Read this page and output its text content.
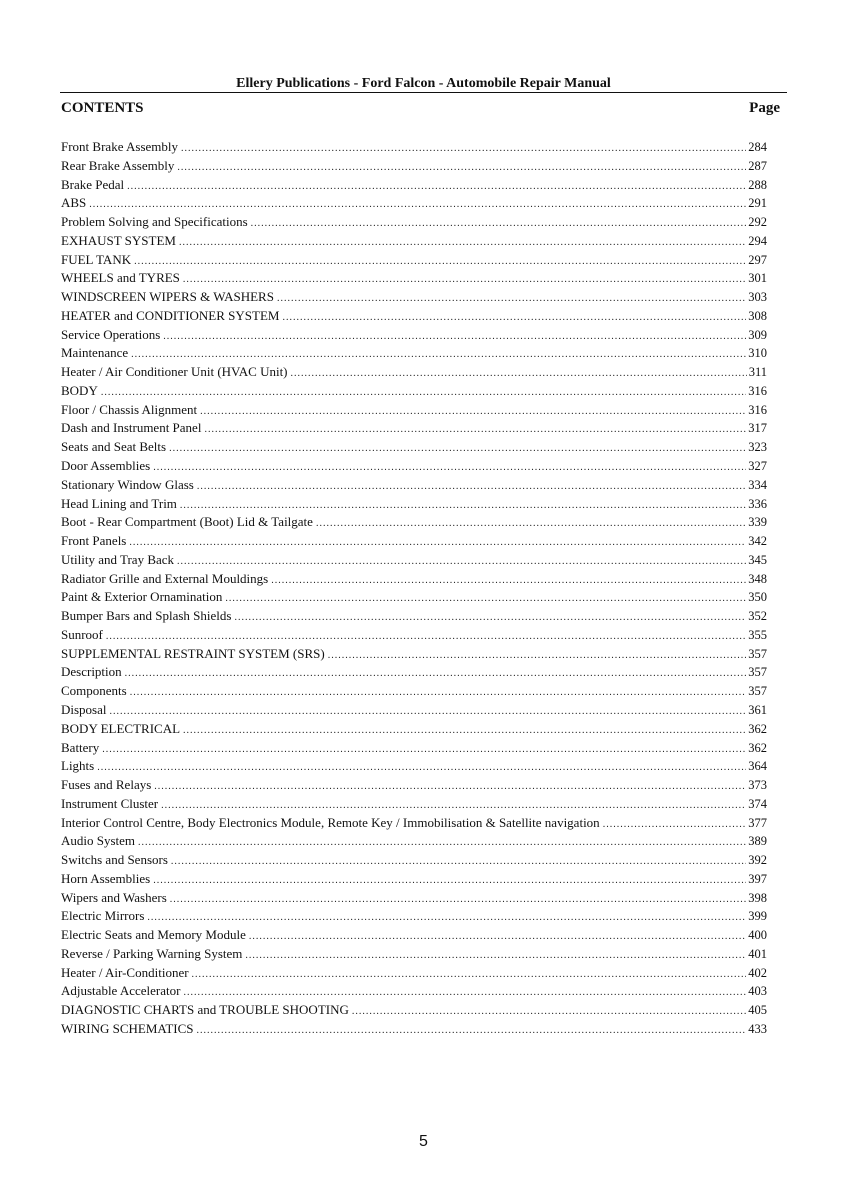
Ellery Publications - Ford Falcon - Automobile Repair Manual
CONTENTS	Page
Front Brake Assembly .....	284
Rear Brake Assembly .....	287
Brake Pedal .....	288
ABS .....	291
Problem Solving and Specifications .....	292
EXHAUST SYSTEM .....	294
FUEL TANK .....	297
WHEELS and TYRES .....	301
WINDSCREEN WIPERS & WASHERS .....	303
HEATER and CONDITIONER SYSTEM .....	308
Service Operations .....	309
Maintenance .....	310
Heater / Air Conditioner Unit (HVAC Unit) .....	311
BODY .....	316
Floor / Chassis Alignment .....	316
Dash and Instrument Panel .....	317
Seats and Seat Belts .....	323
Door Assemblies .....	327
Stationary Window Glass .....	334
Head Lining and Trim .....	336
Boot - Rear Compartment (Boot) Lid & Tailgate .....	339
Front Panels .....	342
Utility and Tray Back .....	345
Radiator Grille and External Mouldings .....	348
Paint & Exterior Ornamination .....	350
Bumper Bars and Splash Shields .....	352
Sunroof .....	355
SUPPLEMENTAL RESTRAINT SYSTEM (SRS) .....	357
Description .....	357
Components .....	357
Disposal .....	361
BODY ELECTRICAL .....	362
Battery .....	362
Lights .....	364
Fuses and Relays .....	373
Instrument Cluster .....	374
Interior Control Centre, Body Electronics Module, Remote Key / Immobilisation & Satellite navigation .....	377
Audio System .....	389
Switchs and Sensors .....	392
Horn Assemblies .....	397
Wipers and Washers .....	398
Electric Mirrors .....	399
Electric Seats and Memory Module .....	400
Reverse / Parking Warning System .....	401
Heater / Air-Conditioner .....	402
Adjustable Accelerator .....	403
DIAGNOSTIC CHARTS and TROUBLE SHOOTING .....	405
WIRING SCHEMATICS .....	433
5
